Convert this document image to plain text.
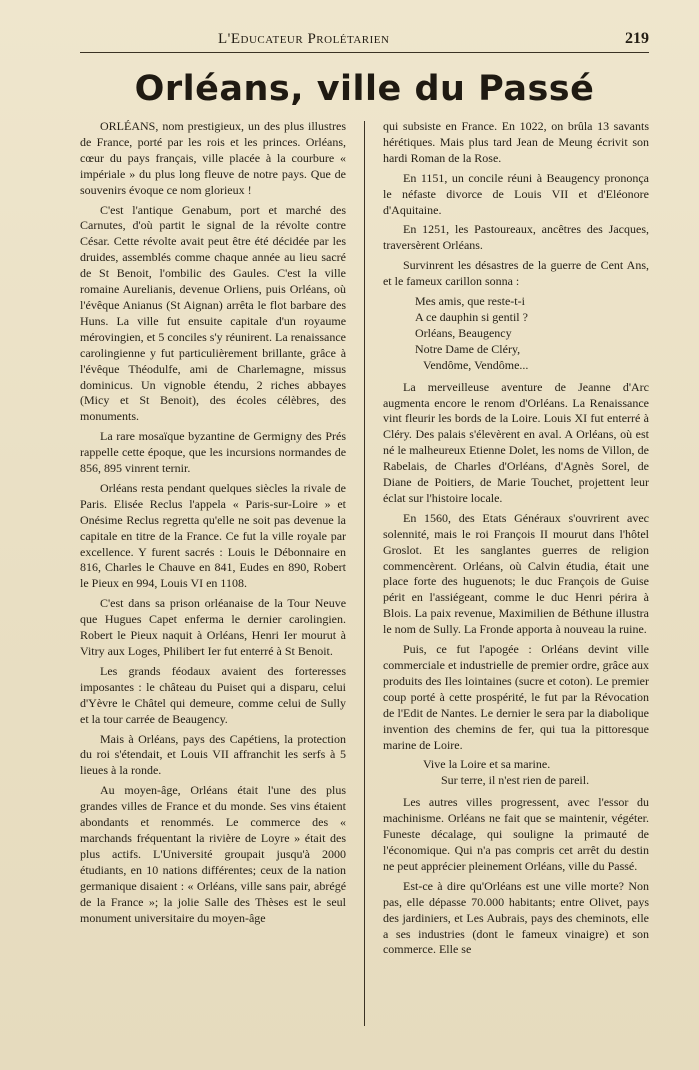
L'Educateur Prolétarien	219
Orléans, ville du Passé

ORLÉANS, nom prestigieux, un des plus illustres de France, porté par les rois et les princes. Orléans, cœur du pays français, ville placée à la courbure « impériale » du plus long fleuve de notre pays. Que de souvenirs évoque ce nom glorieux !

C'est l'antique Genabum, port et marché des Carnutes, d'où partit le signal de la révolte contre César. Cette révolte avait peut être été décidée par les druides, assemblés comme chaque année au lieu sacré de St Benoit, l'ombilic des Gaules. C'est la ville romaine Aurelianis, devenue Orliens, puis Orléans, où l'évêque Anianus (St Aignan) arrêta le flot barbare des Huns. La ville fut ensuite capitale d'un royaume mérovingien, et 5 conciles s'y réunirent. La renaissance carolingienne y fut particulièrement brillante, grâce à l'évêque Théodulfe, ami de Charlemagne, missus dominicus. Un vignoble étendu, 2 riches abbayes (Micy et St Benoit), des écoles célèbres, des monuments.

La rare mosaïque byzantine de Germigny des Prés rappelle cette époque, que les incursions normandes de 856, 895 vinrent ternir.

Orléans resta pendant quelques siècles la rivale de Paris. Elisée Reclus l'appela « Paris-sur-Loire » et Onésime Reclus regretta qu'elle ne soit pas devenue la capitale en titre de la France. Ce fut la ville royale par excellence. Y furent sacrés : Louis le Débonnaire en 816, Charles le Chauve en 841, Eudes en 890, Robert le Pieux en 994, Louis VI en 1108.

C'est dans sa prison orléanaise de la Tour Neuve que Hugues Capet enferma le dernier carolingien. Robert le Pieux naquit à Orléans, Henri Ier mourut à Vitry aux Loges, Philibert Ier fut enterré à St Benoit.

Les grands féodaux avaient des forteresses imposantes : le château du Puiset qui a disparu, celui d'Yèvre le Châtel qui demeure, comme celui de Sully et la tour carrée de Beaugency.

Mais à Orléans, pays des Capétiens, la protection du roi s'étendait, et Louis VII affranchit les serfs à 5 lieues à la ronde.

Au moyen-âge, Orléans était l'une des plus grandes villes de France et du monde. Ses vins étaient abondants et renommés. Le commerce des « marchands fréquentant la rivière de Loyre » était des plus actifs. L'Université groupait jusqu'à 2000 étudiants, en 10 nations différentes; ceux de la nation germanique disaient : « Orléans, ville sans pair, abrégé de la France »; la jolie Salle des Thèses est le seul monument universitaire du moyen-âge

qui subsiste en France. En 1022, on brûla 13 savants hérétiques. Mais plus tard Jean de Meung écrivit son hardi Roman de la Rose.

En 1151, un concile réuni à Beaugency prononça le néfaste divorce de Louis VII et d'Eléonore d'Aquitaine.

En 1251, les Pastoureaux, ancêtres des Jacques, traversèrent Orléans.

Survinrent les désastres de la guerre de Cent Ans, et le fameux carillon sonna :

Mes amis, que reste-t-i
A ce dauphin si gentil ?
Orléans, Beaugency
Notre Dame de Cléry,
Vendôme, Vendôme...

La merveilleuse aventure de Jeanne d'Arc augmenta encore le renom d'Orléans. La Renaissance vint fleurir les bords de la Loire. Louis XI fut enterré à Cléry. Des palais s'élevèrent en aval. A Orléans, où est né le malheureux Etienne Dolet, les noms de Villon, de Rabelais, de Charles d'Orléans, d'Agnès Sorel, de Diane de Poitiers, de Marie Touchet, projettent leur éclat sur l'histoire locale.

En 1560, des Etats Généraux s'ouvrirent avec solennité, mais le roi François II mourut dans l'hôtel Groslot. Et les sanglantes guerres de religion commencèrent. Orléans, où Calvin étudia, était une place forte des huguenots; le duc François de Guise périt en l'assiégeant, comme le duc Henri périra à Blois. La paix revenue, Maximilien de Béthune illustra le nom de Sully. La Fronde apporta à nouveau la ruine.

Puis, ce fut l'apogée : Orléans devint ville commerciale et industrielle de premier ordre, grâce aux produits des Iles lointaines (sucre et coton). Le premier coup porté à cette prospérité, le fut par la Révocation de l'Edit de Nantes. Le dernier le sera par la diabolique invention des chemins de fer, qui tua la pittoresque marine de Loire.

Vive la Loire et sa marine.
Sur terre, il n'est rien de pareil.

Les autres villes progressent, avec l'essor du machinisme. Orléans ne fait que se maintenir, végéter. Funeste décalage, qui souligne la primauté de l'économique. Qui n'a pas compris cet arrêt du destin ne peut apprécier pleinement Orléans, ville du Passé.

Est-ce à dire qu'Orléans est une ville morte? Non pas, elle dépasse 70.000 habitants; entre Olivet, pays des jardiniers, et Les Aubrais, pays des cheminots, elle a ses industries (dont le fameux vinaigre) et son commerce. Elle se
